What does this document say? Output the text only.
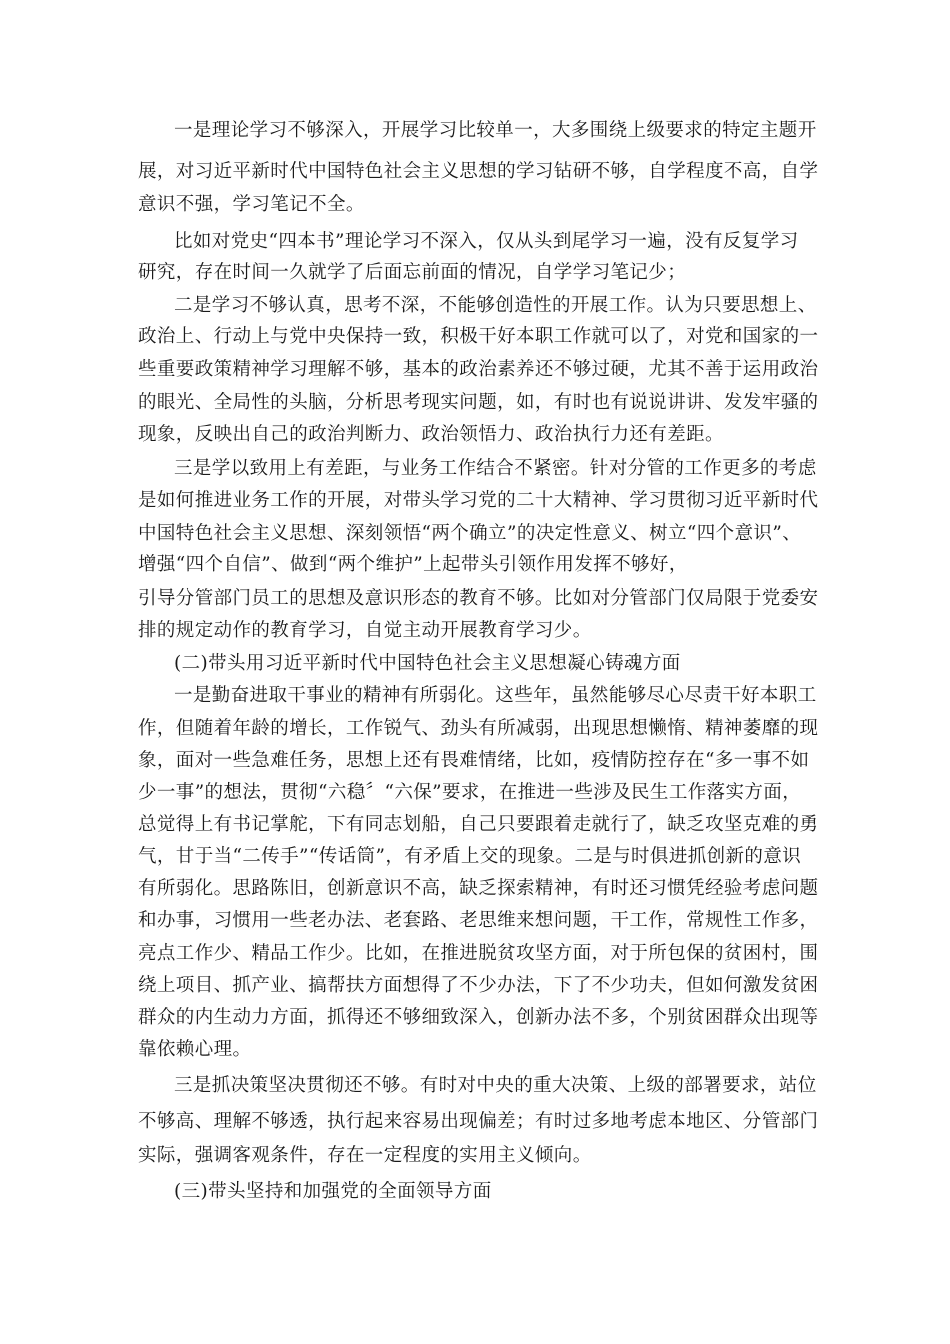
一是理论学习不够深入，开展学习比较单一，大多围绕上级要求的特定主题开
展，对习近平新时代中国特色社会主义思想的学习钻研不够，自学程度不高，自学
意识不强，学习笔记不全。
比如对党史“四本书”理论学习不深入，仅从头到尾学习一遍，没有反复学习
研究，存在时间一久就学了后面忘前面的情况，自学学习笔记少；
二是学习不够认真，思考不深，不能够创造性的开展工作。认为只要思想上、
政治上、行动上与党中央保持一致，积极干好本职工作就可以了，对党和国家的一
些重要政策精神学习理解不够，基本的政治素养还不够过硬，尤其不善于运用政治
的眼光、全局性的头脑，分析思考现实问题，如，有时也有说说讲讲、发发牢骚的
现象，反映出自己的政治判断力、政治领悟力、政治执行力还有差距。
三是学以致用上有差距，与业务工作结合不紧密。针对分管的工作更多的考虑
是如何推进业务工作的开展，对带头学习党的二十大精神、学习贯彻习近平新时代
中国特色社会主义思想、深刻领悟“两个确立”的决定性意义、树立“四个意识”、
增强“四个自信”、做到“两个维护”上起带头引领作用发挥不够好，
引导分管部门员工的思想及意识形态的教育不够。比如对分管部门仅局限于党委安
排的规定动作的教育学习，自觉主动开展教育学习少。
(二)带头用习近平新时代中国特色社会主义思想凝心铸魂方面
一是勤奋进取干事业的精神有所弱化。这些年，虽然能够尽心尽责干好本职工
作，但随着年龄的增长，工作锐气、劲头有所减弱，出现思想懒惰、精神萎靡的现
象，面对一些急难任务，思想上还有畏难情绪，比如，疫情防控存在“多一事不如
少一事”的想法，贯彻“六稳〞“六保”要求，在推进一些涉及民生工作落实方面，
总觉得上有书记掌舵，下有同志划船，自己只要跟着走就行了，缺乏攻坚克难的勇
气，甘于当“二传手”“传话筒”，有矛盾上交的现象。二是与时俱进抓创新的意识
有所弱化。思路陈旧，创新意识不高，缺乏探索精神，有时还习惯凭经验考虑问题
和办事，习惯用一些老办法、老套路、老思维来想问题，干工作，常规性工作多，
亮点工作少、精品工作少。比如，在推进脱贫攻坚方面，对于所包保的贫困村，围
绕上项目、抓产业、搞帮扶方面想得了不少办法，下了不少功夫，但如何激发贫困
群众的内生动力方面，抓得还不够细致深入，创新办法不多，个别贫困群众出现等
靠依赖心理。
三是抓决策坚决贯彻还不够。有时对中央的重大决策、上级的部署要求，站位
不够高、理解不够透，执行起来容易出现偏差；有时过多地考虑本地区、分管部门
实际，强调客观条件，存在一定程度的实用主义倾向。
(三)带头坚持和加强党的全面领导方面
